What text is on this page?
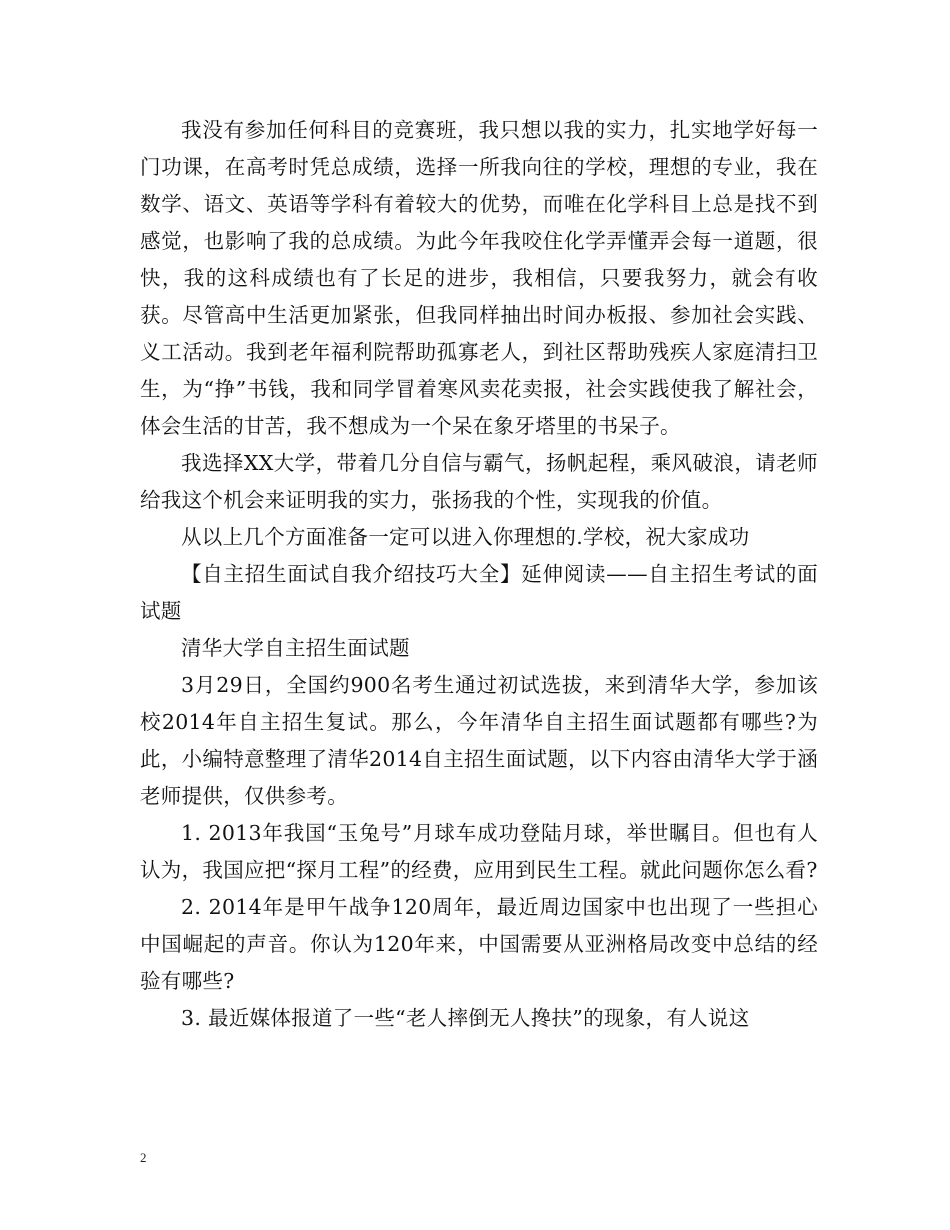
我没有参加任何科目的竞赛班，我只想以我的实力，扎实地学好每一门功课，在高考时凭总成绩，选择一所我向往的学校，理想的专业，我在数学、语文、英语等学科有着较大的优势，而唯在化学科目上总是找不到感觉，也影响了我的总成绩。为此今年我咬住化学弄懂弄会每一道题，很快，我的这科成绩也有了长足的进步，我相信，只要我努力，就会有收获。尽管高中生活更加紧张，但我同样抽出时间办板报、参加社会实践、义工活动。我到老年福利院帮助孤寡老人，到社区帮助残疾人家庭清扫卫生，为“挣”书钱，我和同学冒着寒风卖花卖报，社会实践使我了解社会，体会生活的甘苦，我不想成为一个呆在象牙塔里的书呆子。

我选择XX大学，带着几分自信与霸气，扬帆起程，乘风破浪，请老师给我这个机会来证明我的实力，张扬我的个性，实现我的价值。

从以上几个方面准备一定可以进入你理想的.学校，祝大家成功

【自主招生面试自我介绍技巧大全】延伸阅读——自主招生考试的面试题

清华大学自主招生面试题

3月29日，全国约900名考生通过初试选拔，来到清华大学，参加该校2014年自主招生复试。那么，今年清华自主招生面试题都有哪些?为此，小编特意整理了清华2014自主招生面试题，以下内容由清华大学于涵老师提供，仅供参考。

1. 2013年我国“玉兔号”月球车成功登陆月球，举世瞩目。但也有人认为，我国应把“探月工程”的经费，应用到民生工程。就此问题你怎么看?

2. 2014年是甲午战争120周年，最近周边国家中也出现了一些担心中国崛起的声音。你认为120年来，中国需要从亚洲格局改变中总结的经验有哪些?

3. 最近媒体报道了一些“老人摔倒无人搀扶”的现象，有人说这

2
